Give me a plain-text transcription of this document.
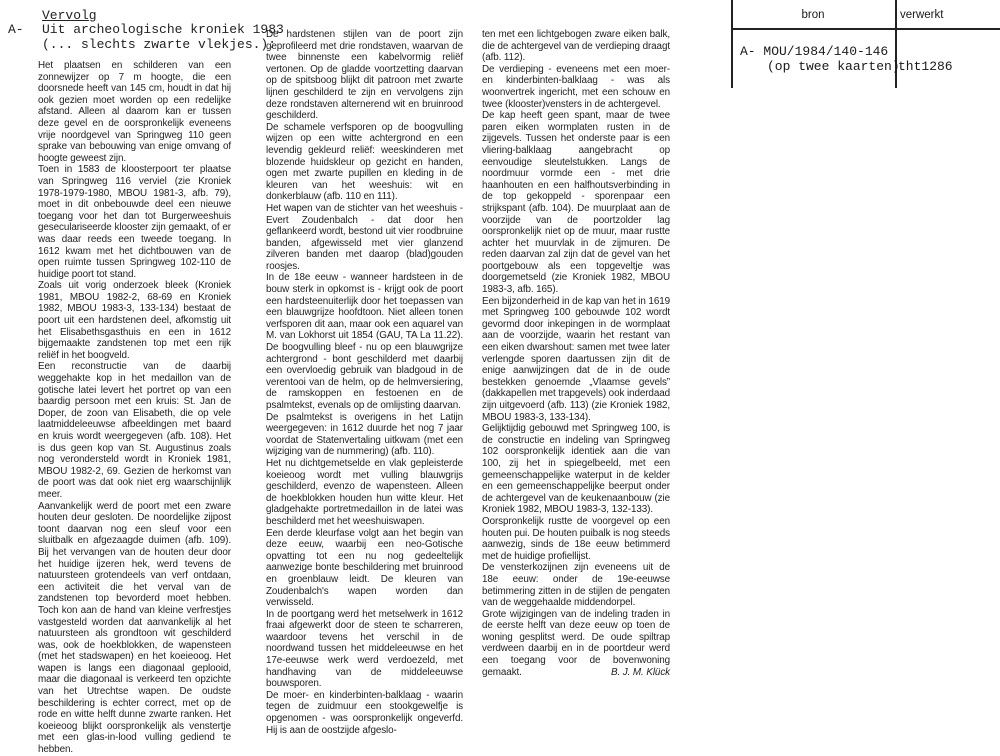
Vervolg
A- Uit archeologische kroniek 1983
(... slechts zwarte vlekjes.):

Het plaatsen en schilderen van een zonnewijzer op 7 m hoogte, die een doorsnede heeft van 145 cm, houdt in dat hij ook gezien moet worden op een redelijke afstand. Alleen al daarom kan er tussen deze gevel en de oorspronkelijk eveneens vrije noordgevel van Springweg 110 geen sprake van bebouwing van enige omvang of hoogte geweest zijn.

Toen in 1583 de kloosterpoort ter plaatse van Springweg 116 verviel (zie Kroniek 1978-1979-1980, MBOU 1981-3, afb. 79), moet in dit onbebouwde deel een nieuwe toegang voor het dan tot Burgerweeshuis geseculariseerde klooster zijn gemaakt, of er was daar reeds een tweede toegang. In 1612 kwam met het dichtbouwen van de open ruimte tussen Springweg 102-110 de huidige poort tot stand.

Zoals uit vorig onderzoek bleek (Kroniek 1981, MBOU 1982-2, 68-69 en Kroniek 1982, MBOU 1983-3, 133-134) bestaat de poort uit een hardstenen deel, afkomstig uit het Elisabethsgasthuis en een in 1612 bijgemaakte zandstenen top met een rijk reliëf in het boogveld.

Een reconstructie van de daarbij weggehakte kop in het medaillon van de gotische latei levert het portret op van een baardig persoon met een kruis: St. Jan de Doper, de zoon van Elisabeth, die op vele laatmiddeleeuwse afbeeldingen met baard en kruis wordt weergegeven (afb. 108). Het is dus geen kop van St. Augustinus zoals nog verondersteld wordt in Kroniek 1981, MBOU 1982-2, 69. Gezien de herkomst van de poort was dat ook niet erg waarschijnlijk meer.

Aanvankelijk werd de poort met een zware houten deur gesloten. De noordelijke zijpost toont daarvan nog een sleuf voor een sluitbalk en afgezaagde duimen (afb. 109). Bij het vervangen van de houten deur door het huidige ijzeren hek, werd tevens de natuursteen grotendeels van verf ontdaan, een activiteit die het verval van de zandstenen top bevorderd moet hebben. Toch kon aan de hand van kleine verfrestjes vastgesteld worden dat aanvankelijk al het natuursteen als grondtoon wit geschilderd was, ook de hoekblokken, de wapensteen (met het stadswapen) en het koeieoog. Het wapen is langs een diagonaal geplooid, maar die diagonaal is verkeerd ten opzichte van het Utrechtse wapen. De oudste beschildering is echter correct, met op de rode en witte helft dunne zwarte ranken. Het koeieoog blijkt oorspronkelijk als venstertje met een glas-in-lood vulling gediend te hebben.

De hardstenen stijlen van de poort zijn geprofileerd met drie rondstaven, waarvan de twee binnenste een kabelvormig reliëf vertonen. Op de gladde voortzetting daarvan op de spitsboog blijkt dit patroon met zwarte lijnen geschilderd te zijn en vervolgens zijn deze rondstaven alternerend wit en bruinrood geschilderd.

De schamele verfsporen op de boogvulling wijzen op een witte achtergrond en een levendig gekleurd reliëf: weeskinderen met blozende huidskleur op gezicht en handen, ogen met zwarte pupillen en kleding in de kleuren van het weeshuis: wit en donkerblauw (afb. 110 en 111).

Het wapen van de stichter van het weeshuis - Evert Zoudenbalch - dat door hen geflankeerd wordt, bestond uit vier roodbruine banden, afgewisseld met vier glanzend zilveren banden met daarop (blad)gouden roosjes.

In de 18e eeuw - wanneer hardsteen in de bouw sterk in opkomst is - krijgt ook de poort een hardsteenuiterlijk door het toepassen van een blauwgrijze hoofdtoon. Niet alleen tonen verfsporen dit aan, maar ook een aquarel van M. van Lokhorst uit 1854 (GAU, TA La 11.22). De boogvulling bleef - nu op een blauwgrijze achtergrond - bont geschilderd met daarbij een overvloedig gebruik van bladgoud in de verentooi van de helm, op de helmversiering, de ramskoppen en festoenen en de psalmtekst, evenals op de omlijsting daarvan.

De psalmtekst is overigens in het Latijn weergegeven: in 1612 duurde het nog 7 jaar voordat de Statenvertaling uitkwam (met een wijziging van de nummering) (afb. 110).

Het nu dichtgemetselde en vlak gepleisterde koeieoog wordt met vulling blauwgrijs geschilderd, evenzo de wapensteen. Alleen de hoekblokken houden hun witte kleur. Het gladgehakte portretmedaillon in de latei was beschilderd met het weeshuiswapen.

Een derde kleurfase volgt aan het begin van deze eeuw, waarbij een neo-Gotische opvatting tot een nu nog gedeeltelijk aanwezige bonte beschildering met bruinrood en groenblauw leidt. De kleuren van Zoudenbalch's wapen worden dan verwisseld.

In de poortgang werd het metselwerk in 1612 fraai afgewerkt door de steen te scharreren, waardoor tevens het verschil in de noordwand tussen het middeleeuwse en het 17e-eeuwse werk werd verdoezeld, met handhaving van de middeleeuwse bouwsporen.

De moer- en kinderbinten-balklaag - waarin tegen de zuidmuur een stookgewelfje is opgenomen - was oorspronkelijk ongeverfd. Hij is aan de oostzijde afgeslo-

ten met een lichtgebogen zware eiken balk, die de achtergevel van de verdieping draagt (afb. 112).

De verdieping - eveneens met een moer- en kinderbinten-balklaag - was als woonvertrek ingericht, met een schouw en twee (klooster)vensters in de achtergevel.

De kap heeft geen spant, maar de twee paren eiken wormplaten rusten in de zijgevels. Tussen het onderste paar is een vliering-balklaag aangebracht op eenvoudige sleutelstukken. Langs de noordmuur vormde een - met drie haanhouten en een halfhoutsverbinding in de top gekoppeld - sporenpaar een strijkspant (afb. 104). De muurplaat aan de voorzijde van de poortzolder lag oorspronkelijk niet op de muur, maar rustte achter het muurvlak in de zijmuren. De reden daarvan zal zijn dat de gevel van het poortgebouw als een topgeveltje was doorgemetseld (zie Kroniek 1982, MBOU 1983-3, afb. 165).

Een bijzonderheid in de kap van het in 1619 met Springweg 100 gebouwde 102 wordt gevormd door inkepingen in de wormplaat aan de voorzijde, waarin het restant van een eiken dwarshout: samen met twee later verlengde sporen daartussen zijn dit de enige aanwijzingen dat de in de oude bestekken genoemde „Vlaamse gevels” (dakkapellen met trapgevels) ook inderdaad zijn uitgevoerd (afb. 113) (zie Kroniek 1982, MBOU 1983-3, 133-134).

Gelijktijdig gebouwd met Springweg 100, is de constructie en indeling van Springweg 102 oorspronkelijk identiek aan die van 100, zij het in spiegelbeeld, met een gemeenschappelijke waterput in de kelder en een gemeenschappelijke beerput onder de achtergevel van de keukenaanbouw (zie Kroniek 1982, MBOU 1983-3, 132-133).

Oorspronkelijk rustte de voorgevel op een houten pui. De houten puibalk is nog steeds aanwezig, sinds de 18e eeuw betimmerd met de huidige profiellijst.

De vensterkozijnen zijn eveneens uit de 18e eeuw: onder de 19e-eeuwse betimmering zitten in de stijlen de pengaten van de weggehaalde middendorpel.

Grote wijzigingen van de indeling traden in de eerste helft van deze eeuw op toen de woning gesplitst werd. De oude spiltrap verdween daarbij en in de poortdeur werd een toegang voor de bovenwoning gemaakt.	B. J. M. Klück
bron	verwerkt
A- MOU/1984/140-146
(op twee kaarten)
tht1286
